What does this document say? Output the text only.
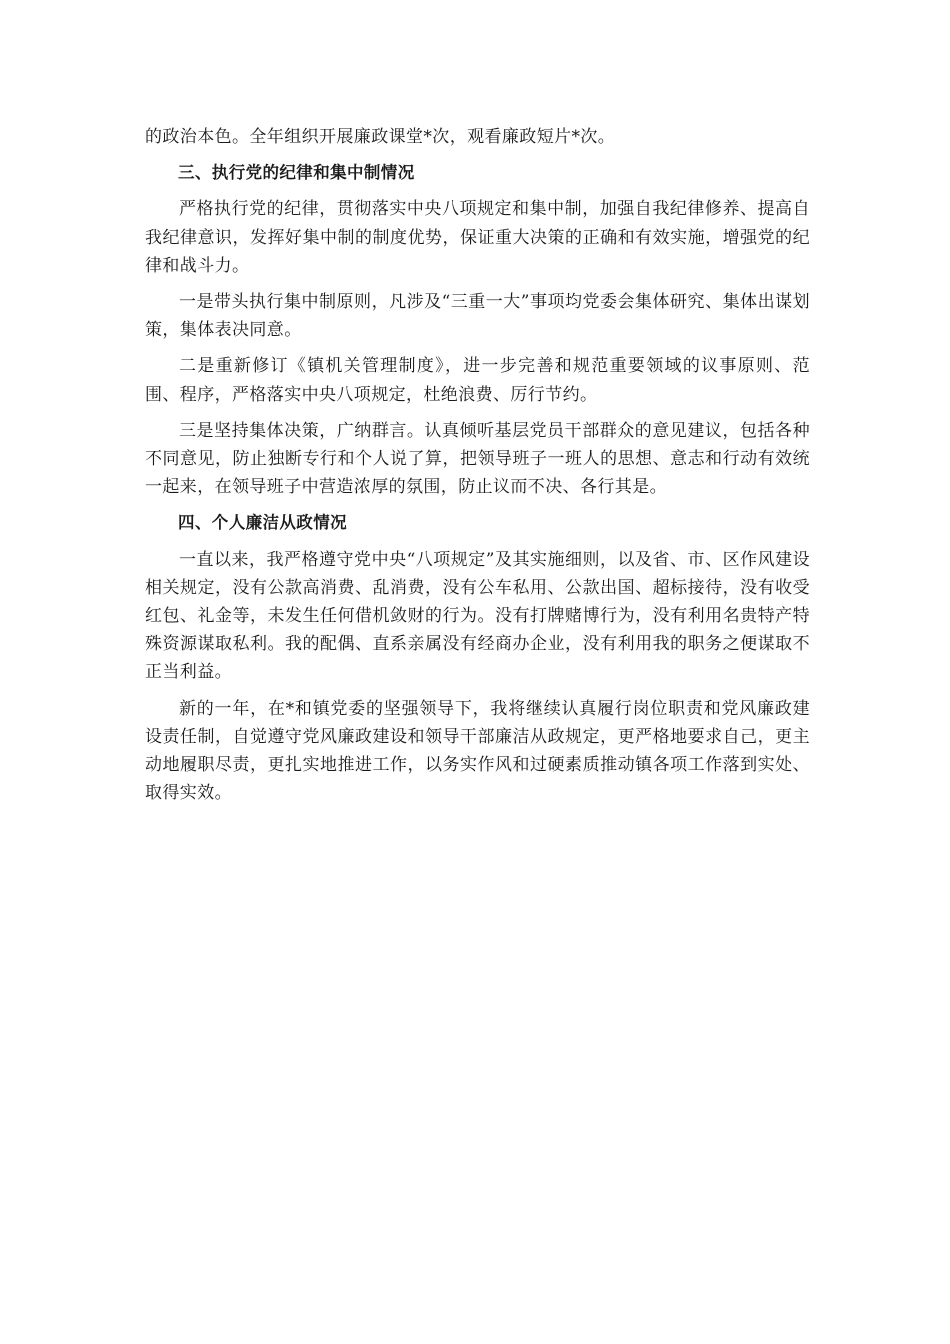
的政治本色。全年组织开展廉政课堂*次，观看廉政短片*次。

三、执行党的纪律和集中制情况

严格执行党的纪律，贯彻落实中央八项规定和集中制，加强自我纪律修养、提高自我纪律意识，发挥好集中制的制度优势，保证重大决策的正确和有效实施，增强党的纪律和战斗力。

一是带头执行集中制原则，凡涉及“三重一大”事项均党委会集体研究、集体出谋划策，集体表决同意。

二是重新修订《镇机关管理制度》，进一步完善和规范重要领域的议事原则、范围、程序，严格落实中央八项规定，杜绝浪费、厉行节约。

三是坚持集体决策，广纳群言。认真倾听基层党员干部群众的意见建议，包括各种不同意见，防止独断专行和个人说了算，把领导班子一班人的思想、意志和行动有效统一起来，在领导班子中营造浓厚的氛围，防止议而不决、各行其是。

四、个人廉洁从政情况

一直以来，我严格遵守党中央“八项规定”及其实施细则，以及省、市、区作风建设相关规定，没有公款高消费、乱消费，没有公车私用、公款出国、超标接待，没有收受红包、礼金等，未发生任何借机敛财的行为。没有打牌赌博行为，没有利用名贵特产特殊资源谋取私利。我的配偶、直系亲属没有经商办企业，没有利用我的职务之便谋取不正当利益。

新的一年，在*和镇党委的坚强领导下，我将继续认真履行岗位职责和党风廉政建设责任制，自觉遵守党风廉政建设和领导干部廉洁从政规定，更严格地要求自己，更主动地履职尽责，更扎实地推进工作，以务实作风和过硬素质推动镇各项工作落到实处、取得实效。
